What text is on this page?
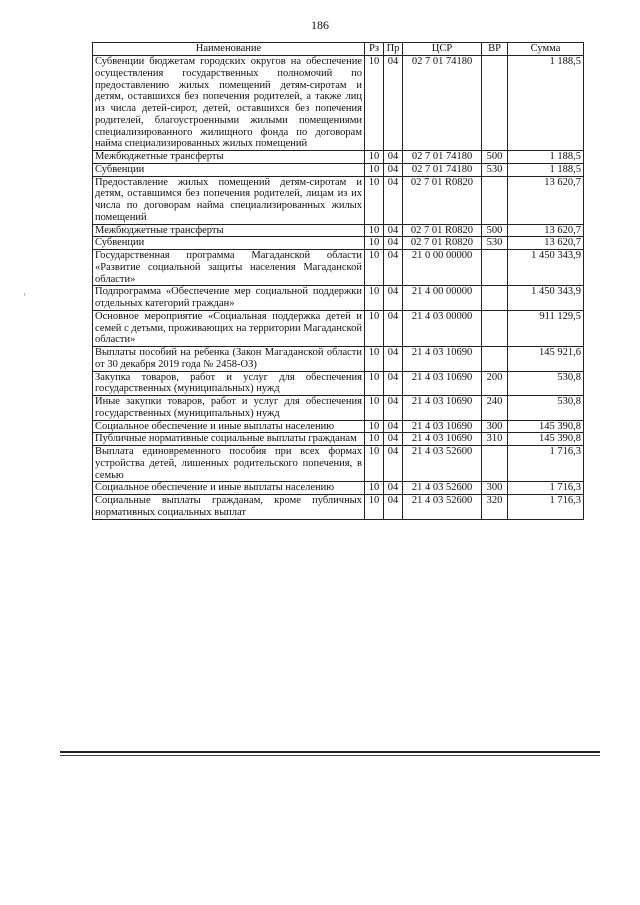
186
'
Наименование	Рз	Пр	ЦСР	ВР	Сумма
Субвенции бюджетам городских округов на обеспечение осуществления государственных полномочий по предоставлению жилых помещений детям-сиротам и детям, оставшихся без попечения родителей, а также лиц из числа детей-сирот, детей, оставшихся без попечения родителей, благоустроенными жилыми помещениями специализированного жилищного фонда по договорам найма специализированных жилых помещений	10	04	02 7 01 74180		1 188,5
Межбюджетные трансферты	10	04	02 7 01 74180	500	1 188,5
Субвенции	10	04	02 7 01 74180	530	1 188,5
Предоставление жилых помещений детям-сиротам и детям, оставшимся без попечения родителей, лицам из их числа по договорам найма специализированных жилых помещений	10	04	02 7 01 R0820		13 620,7
Межбюджетные трансферты	10	04	02 7 01 R0820	500	13 620,7
Субвенции	10	04	02 7 01 R0820	530	13 620,7
Государственная программа Магаданской области «Развитие социальной защиты населения Магаданской области»	10	04	21 0 00 00000		1 450 343,9
Подпрограмма «Обеспечение мер социальной поддержки отдельных категорий граждан»	10	04	21 4 00 00000		1 450 343,9
Основное мероприятие «Социальная поддержка детей и семей с детьми, проживающих на территории Магаданской области»	10	04	21 4 03 00000		911 129,5
Выплаты пособий на ребенка (Закон Магаданской области от 30 декабря 2019 года № 2458-ОЗ)	10	04	21 4 03 10690		145 921,6
Закупка товаров, работ и услуг для обеспечения государственных (муниципальных) нужд	10	04	21 4 03 10690	200	530,8
Иные закупки товаров, работ и услуг для обеспечения государственных (муниципальных) нужд	10	04	21 4 03 10690	240	530,8
Социальное обеспечение и иные выплаты населению	10	04	21 4 03 10690	300	145 390,8
Публичные нормативные социальные выплаты гражданам	10	04	21 4 03 10690	310	145 390,8
Выплата единовременного пособия при всех формах устройства детей, лишенных родительского попечения, в семью	10	04	21 4 03 52600		1 716,3
Социальное обеспечение и иные выплаты населению	10	04	21 4 03 52600	300	1 716,3
Социальные выплаты гражданам, кроме публичных нормативных социальных выплат	10	04	21 4 03 52600	320	1 716,3
